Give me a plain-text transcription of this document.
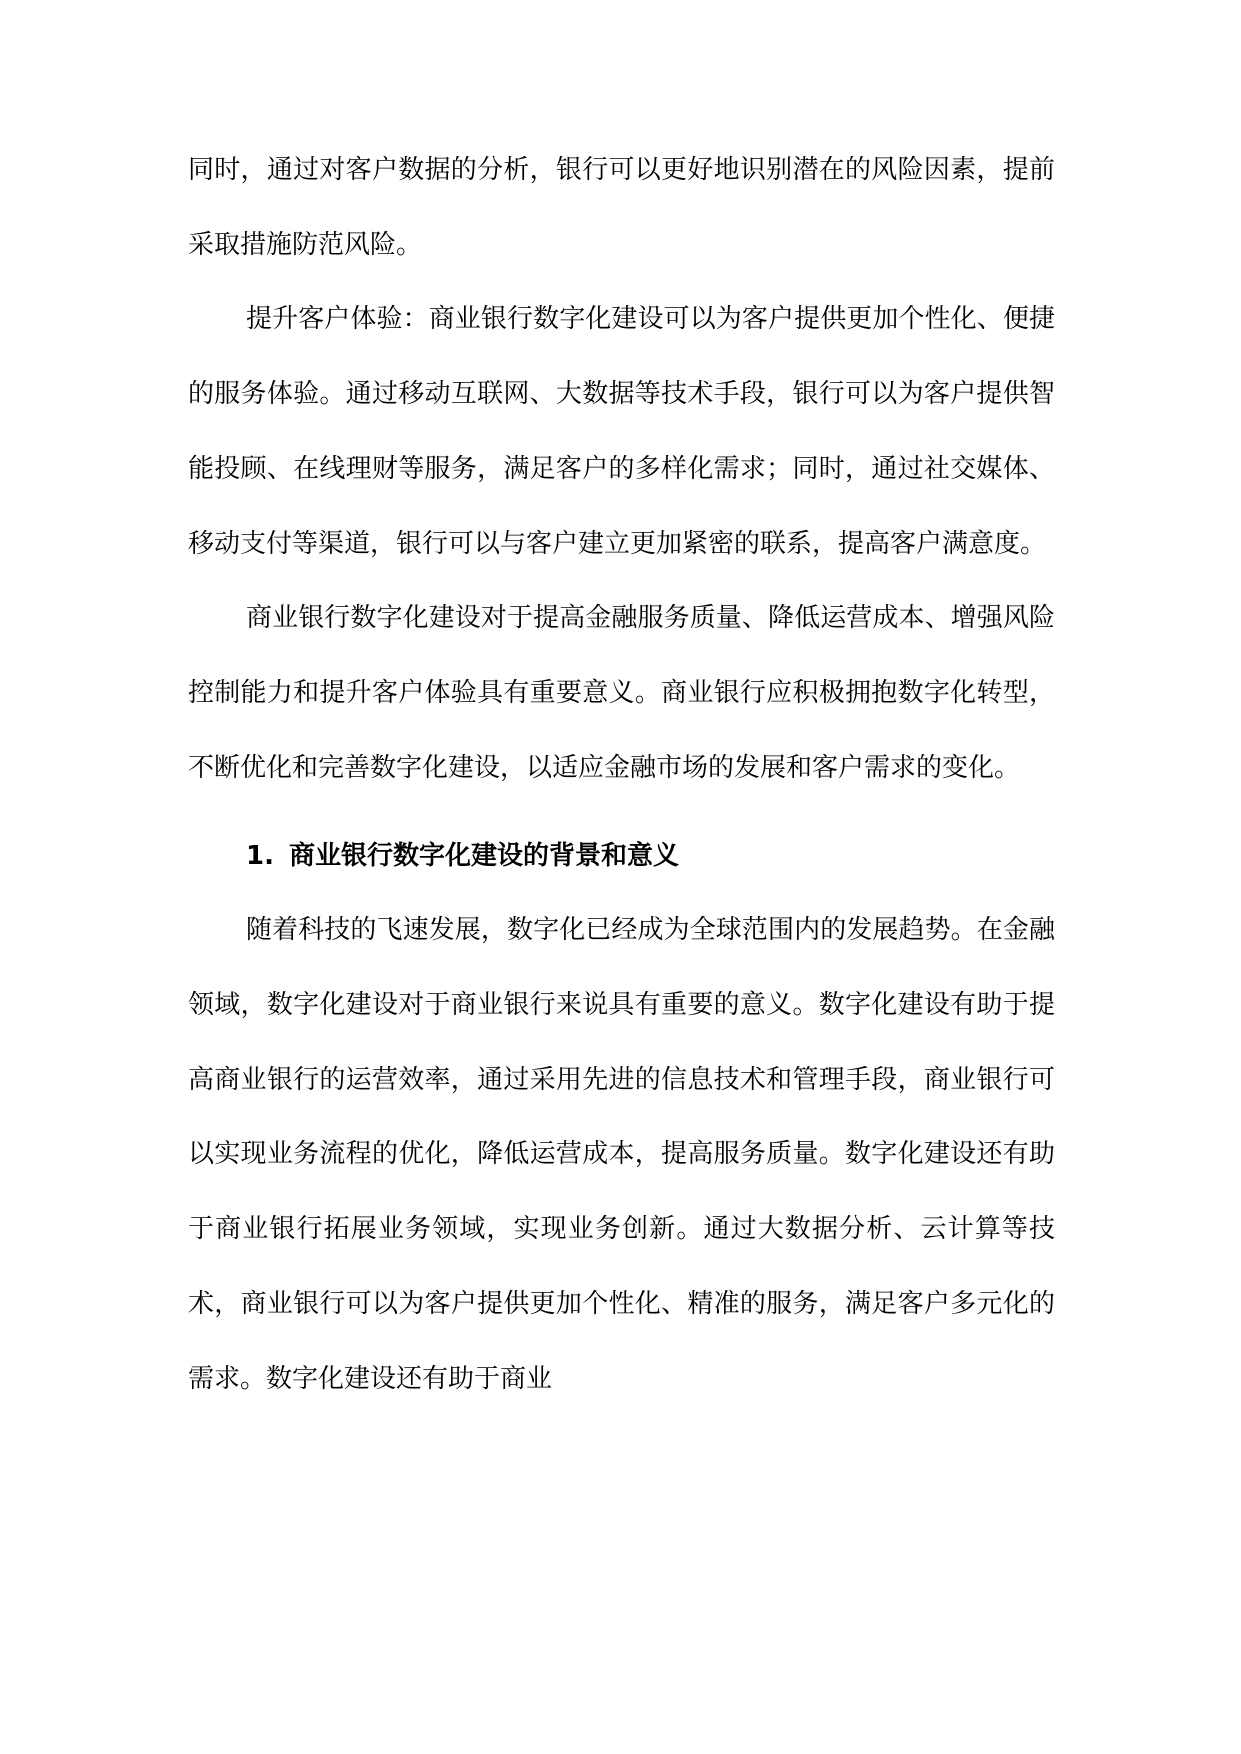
同时，通过对客户数据的分析，银行可以更好地识别潜在的风险因素，提前采取措施防范风险。

提升客户体验：商业银行数字化建设可以为客户提供更加个性化、便捷的服务体验。通过移动互联网、大数据等技术手段，银行可以为客户提供智能投顾、在线理财等服务，满足客户的多样化需求；同时，通过社交媒体、移动支付等渠道，银行可以与客户建立更加紧密的联系，提高客户满意度。

商业银行数字化建设对于提高金融服务质量、降低运营成本、增强风险控制能力和提升客户体验具有重要意义。商业银行应积极拥抱数字化转型，不断优化和完善数字化建设，以适应金融市场的发展和客户需求的变化。

1. 商业银行数字化建设的背景和意义

随着科技的飞速发展，数字化已经成为全球范围内的发展趋势。在金融领域，数字化建设对于商业银行来说具有重要的意义。数字化建设有助于提高商业银行的运营效率，通过采用先进的信息技术和管理手段，商业银行可以实现业务流程的优化，降低运营成本，提高服务质量。数字化建设还有助于商业银行拓展业务领域，实现业务创新。通过大数据分析、云计算等技术，商业银行可以为客户提供更加个性化、精准的服务，满足客户多元化的需求。数字化建设还有助于商业
